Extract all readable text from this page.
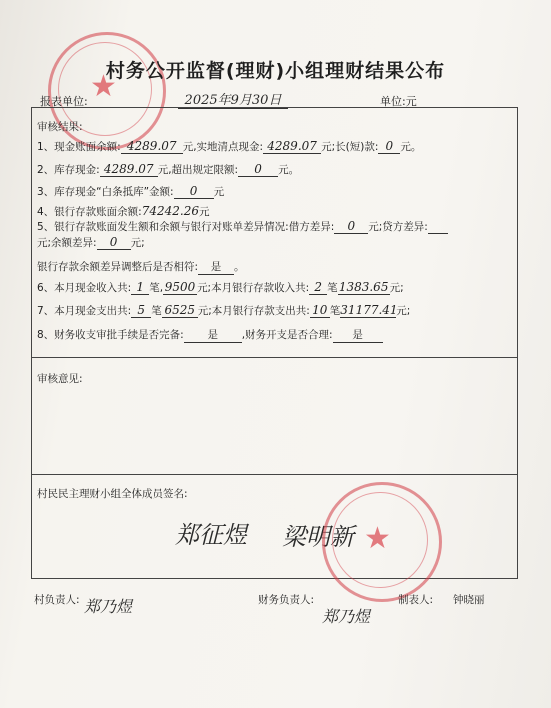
★
村务公开监督(理财)小组理财结果公布
报表单位:	2025年9月30日	单位:元
审核结果:
1、现金账面余额: 4289.07 元,实地清点现金: 4289.07 元;长(短)款: 0 元。
2、库存现金: 4289.07 元,超出规定限额: 0 元。
3、库存现金“白条抵库”金额: 0 元
4、银行存款账面余额:74242.26元
5、银行存款账面发生额和余额与银行对账单差异情况:借方差异: 0 元;贷方差异:
元;余额差异: 0 元;
银行存款余额差异调整后是否相符: 是 。
6、本月现金收入共: 1 笔, 9500 元;本月银行存款收入共: 2 笔1383.65元;
7、本月现金支出共: 5 笔 6525 元;本月银行存款支出共: 10 笔31177.41元;
8、财务收支审批手续是否完备: 是 ,财务开支是否合理: 是
审核意见:
村民民主理财小组全体成员签名:
郑征煜 梁明新 ★
村负责人: 郑乃煜	财务负责人:
郑乃煜
制表人: 钟晓丽
